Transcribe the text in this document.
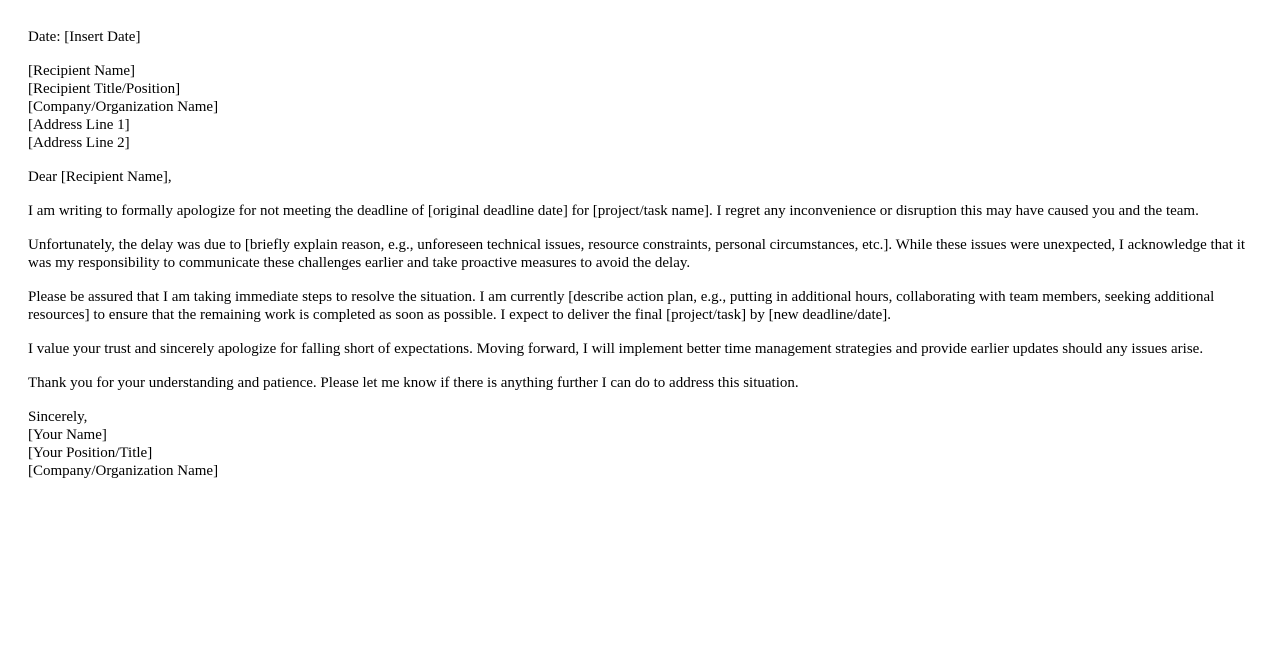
Date: [Insert Date]
[Recipient Name]
[Recipient Title/Position]
[Company/Organization Name]
[Address Line 1]
[Address Line 2]
Dear [Recipient Name],

I am writing to formally apologize for not meeting the deadline of [original deadline date] for [project/task name]. I regret any inconvenience or disruption this may have caused you and the team.

Unfortunately, the delay was due to [briefly explain reason, e.g., unforeseen technical issues, resource constraints, personal circumstances, etc.]. While these issues were unexpected, I acknowledge that it was my responsibility to communicate these challenges earlier and take proactive measures to avoid the delay.

Please be assured that I am taking immediate steps to resolve the situation. I am currently [describe action plan, e.g., putting in additional hours, collaborating with team members, seeking additional resources] to ensure that the remaining work is completed as soon as possible. I expect to deliver the final [project/task] by [new deadline/date].

I value your trust and sincerely apologize for falling short of expectations. Moving forward, I will implement better time management strategies and provide earlier updates should any issues arise.

Thank you for your understanding and patience. Please let me know if there is anything further I can do to address this situation.

Sincerely,
[Your Name]
[Your Position/Title]
[Company/Organization Name]
